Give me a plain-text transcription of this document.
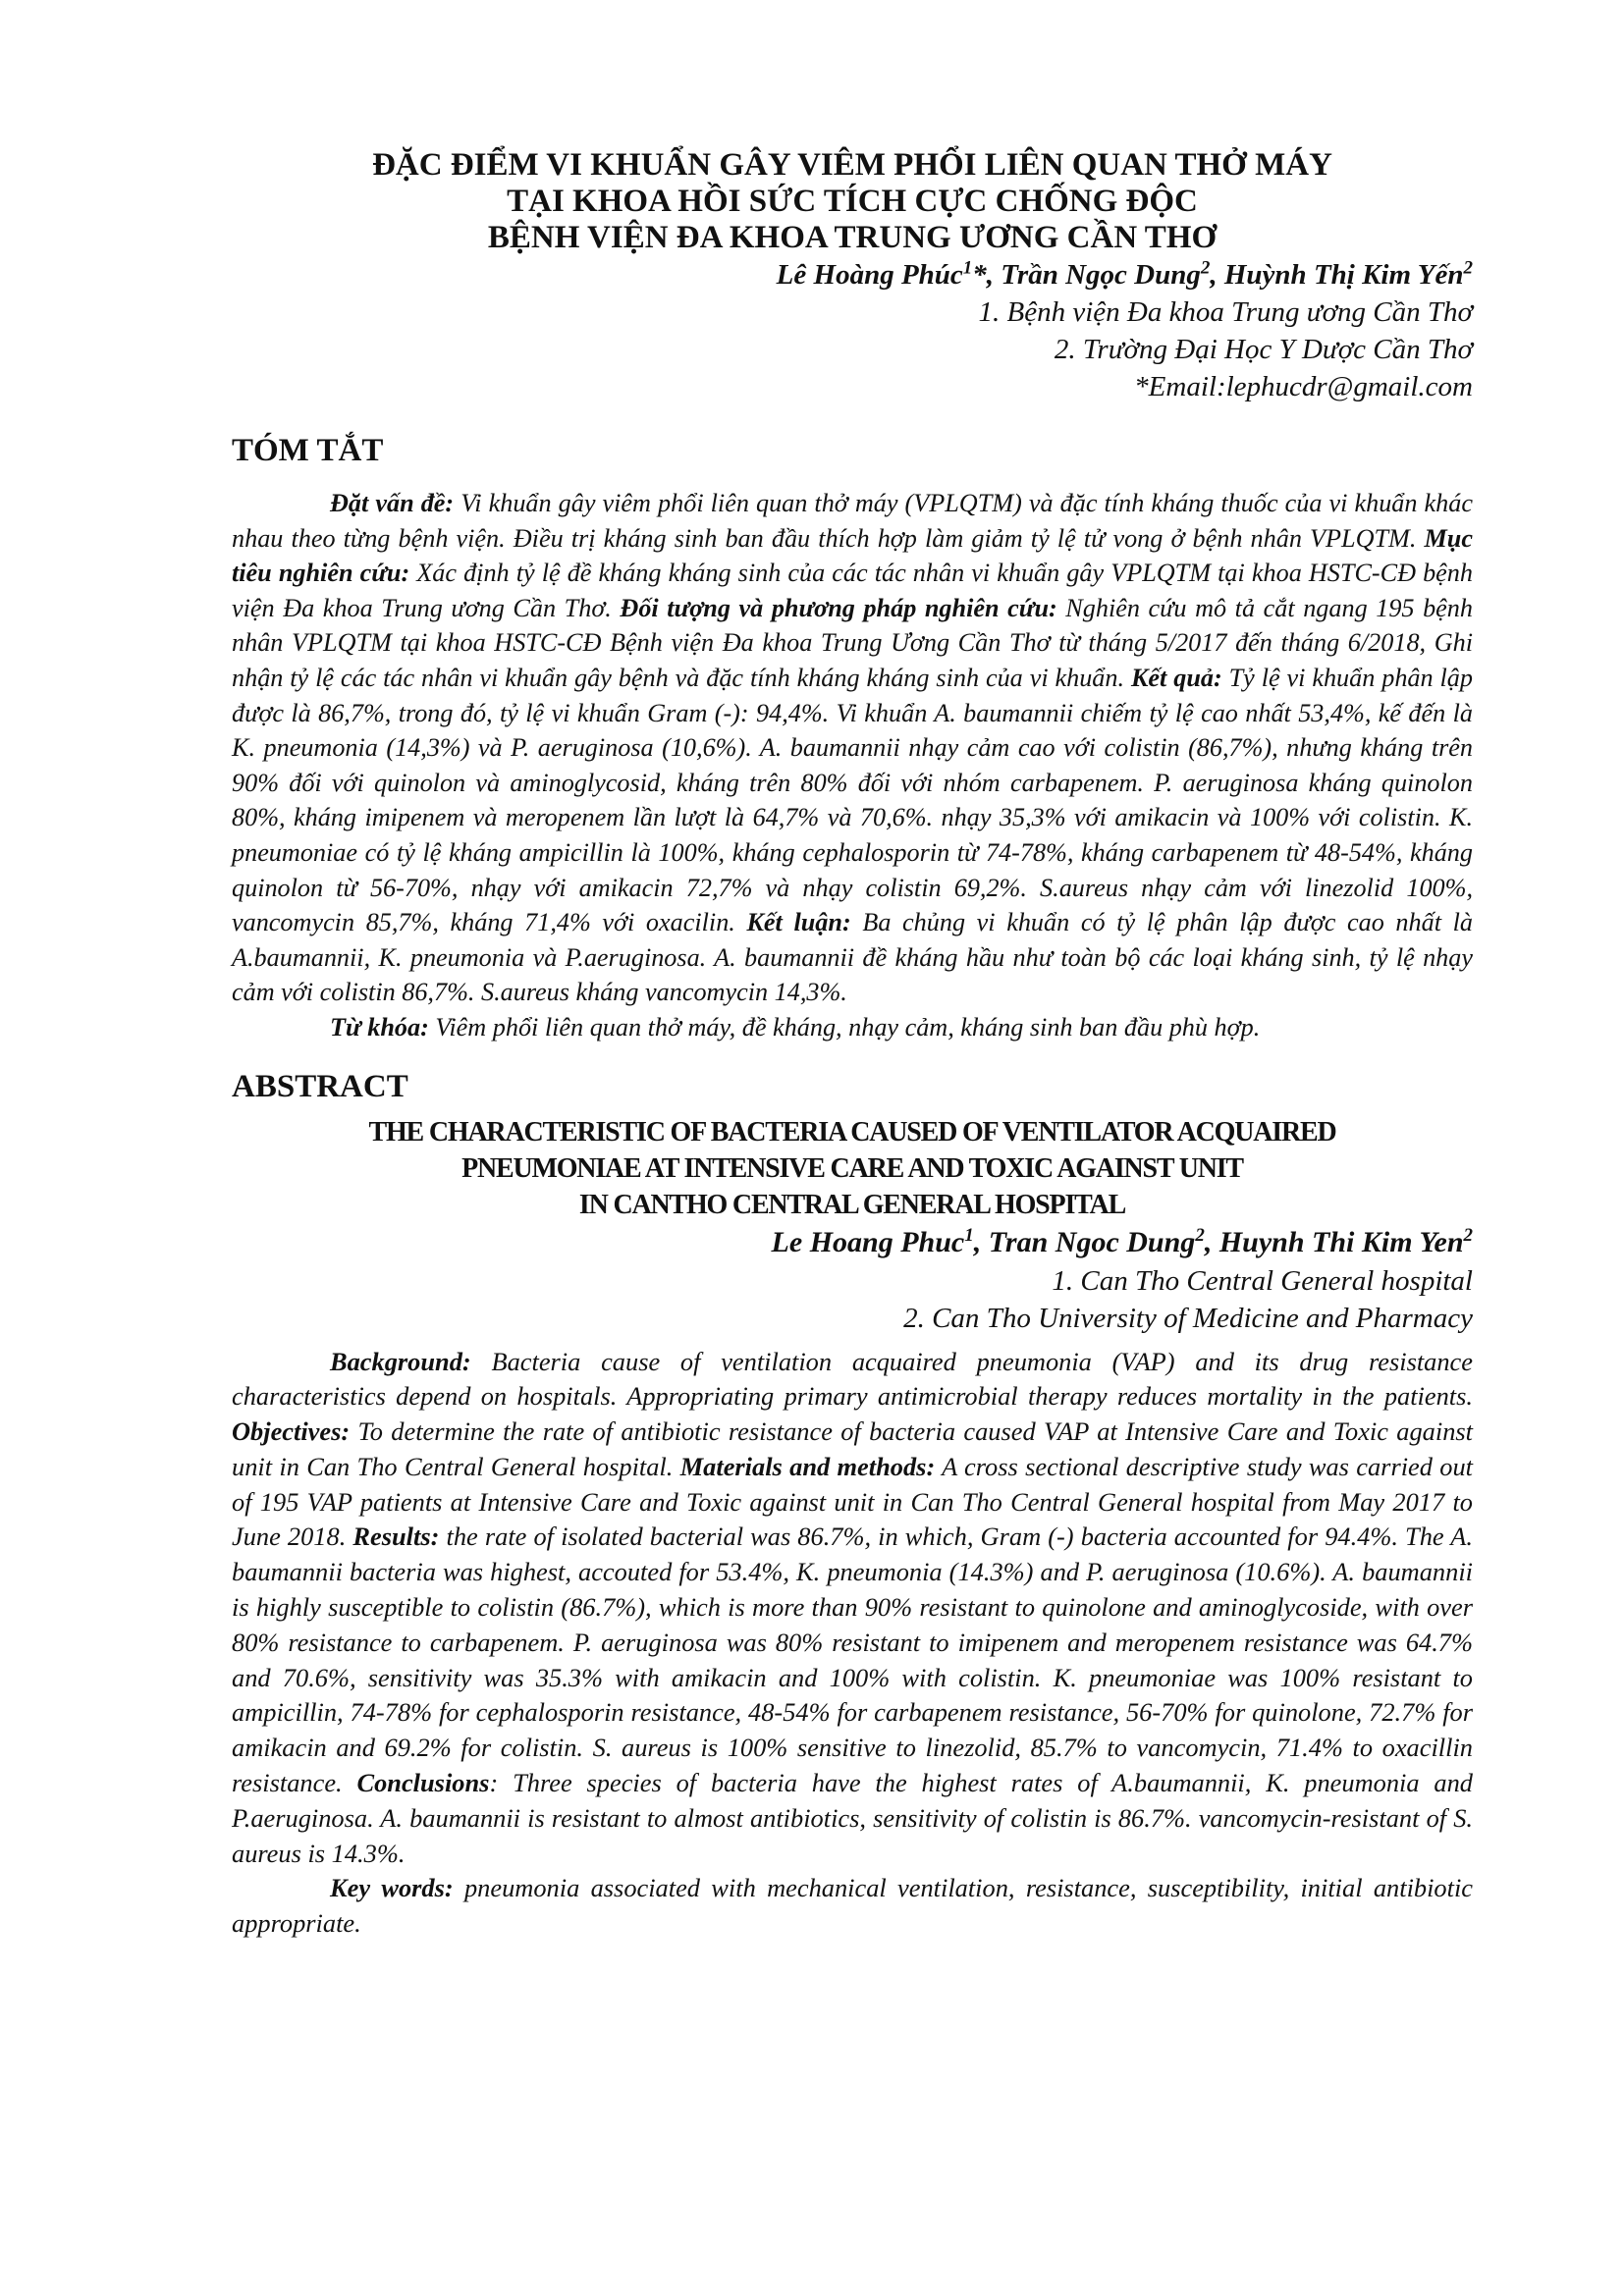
ĐẶC ĐIỂM VI KHUẨN GÂY VIÊM PHỔI LIÊN QUAN THỞ MÁY
TẠI KHOA HỒI SỨC TÍCH CỰC CHỐNG ĐỘC
BỆNH VIỆN ĐA KHOA TRUNG ƯƠNG CẦN THƠ
Lê Hoàng Phúc$^1$*, Trần Ngọc Dung$^2$, Huỳnh Thị Kim Yến$^2$
1. Bệnh viện Đa khoa Trung ương Cần Thơ
2. Trường Đại Học Y Dược Cần Thơ
*Email:lephucdr@gmail.com
TÓM TẮT

Đặt vấn đề: Vi khuẩn gây viêm phổi liên quan thở máy (VPLQTM) và đặc tính kháng thuốc của vi khuẩn khác nhau theo từng bệnh viện. Điều trị kháng sinh ban đầu thích hợp làm giảm tỷ lệ tử vong ở bệnh nhân VPLQTM. Mục tiêu nghiên cứu: Xác định tỷ lệ đề kháng kháng sinh của các tác nhân vi khuẩn gây VPLQTM tại khoa HSTC-CĐ bệnh viện Đa khoa Trung ương Cần Thơ. Đối tượng và phương pháp nghiên cứu: Nghiên cứu mô tả cắt ngang 195 bệnh nhân VPLQTM tại khoa HSTC-CĐ Bệnh viện Đa khoa Trung Ương Cần Thơ từ tháng 5/2017 đến tháng 6/2018, Ghi nhận tỷ lệ các tác nhân vi khuẩn gây bệnh và đặc tính kháng kháng sinh của vi khuẩn. Kết quả: Tỷ lệ vi khuẩn phân lập được là 86,7%, trong đó, tỷ lệ vi khuẩn Gram (-): 94,4%. Vi khuẩn A. baumannii chiếm tỷ lệ cao nhất 53,4%, kế đến là K. pneumonia (14,3%) và P. aeruginosa (10,6%). A. baumannii nhạy cảm cao với colistin (86,7%), nhưng kháng trên 90% đối với quinolon và aminoglycosid, kháng trên 80% đối với nhóm carbapenem. P. aeruginosa kháng quinolon 80%, kháng imipenem và meropenem lần lượt là 64,7% và 70,6%. nhạy 35,3% với amikacin và 100% với colistin. K. pneumoniae có tỷ lệ kháng ampicillin là 100%, kháng cephalosporin từ 74-78%, kháng carbapenem từ 48-54%, kháng quinolon từ 56-70%, nhạy với amikacin 72,7% và nhạy colistin 69,2%. S.aureus nhạy cảm với linezolid 100%, vancomycin 85,7%, kháng 71,4% với oxacilin. Kết luận: Ba chủng vi khuẩn có tỷ lệ phân lập được cao nhất là A.baumannii, K. pneumonia và P.aeruginosa. A. baumannii đề kháng hầu như toàn bộ các loại kháng sinh, tỷ lệ nhạy cảm với colistin 86,7%. S.aureus kháng vancomycin 14,3%.

Từ khóa: Viêm phổi liên quan thở máy, đề kháng, nhạy cảm, kháng sinh ban đầu phù hợp.

ABSTRACT
THE CHARACTERISTIC OF BACTERIA CAUSED OF VENTILATOR ACQUAIRED
PNEUMONIAE AT INTENSIVE CARE AND TOXIC AGAINST UNIT
IN CANTHO CENTRAL GENERAL HOSPITAL
Le Hoang Phuc$^1$, Tran Ngoc Dung$^2$, Huynh Thi Kim Yen$^2$
1. Can Tho Central General hospital
2. Can Tho University of Medicine and Pharmacy

Background: Bacteria cause of ventilation acquaired pneumonia (VAP) and its drug resistance characteristics depend on hospitals. Appropriating primary antimicrobial therapy reduces mortality in the patients. Objectives: To determine the rate of antibiotic resistance of bacteria caused VAP at Intensive Care and Toxic against unit in Can Tho Central General hospital. Materials and methods: A cross sectional descriptive study was carried out of 195 VAP patients at Intensive Care and Toxic against unit in Can Tho Central General hospital from May 2017 to June 2018. Results: the rate of isolated bacterial was 86.7%, in which, Gram (-) bacteria accounted for 94.4%. The A. baumannii bacteria was highest, accouted for 53.4%, K. pneumonia (14.3%) and P. aeruginosa (10.6%). A. baumannii is highly susceptible to colistin (86.7%), which is more than 90% resistant to quinolone and aminoglycoside, with over 80% resistance to carbapenem. P. aeruginosa was 80% resistant to imipenem and meropenem resistance was 64.7% and 70.6%, sensitivity was 35.3% with amikacin and 100% with colistin. K. pneumoniae was 100% resistant to ampicillin, 74-78% for cephalosporin resistance, 48-54% for carbapenem resistance, 56-70% for quinolone, 72.7% for amikacin and 69.2% for colistin. S. aureus is 100% sensitive to linezolid, 85.7% to vancomycin, 71.4% to oxacillin resistance. Conclusions: Three species of bacteria have the highest rates of A.baumannii, K. pneumonia and P.aeruginosa. A. baumannii is resistant to almost antibiotics, sensitivity of colistin is 86.7%. vancomycin-resistant of S. aureus is 14.3%.

Key words: pneumonia associated with mechanical ventilation, resistance, susceptibility, initial antibiotic appropriate.
